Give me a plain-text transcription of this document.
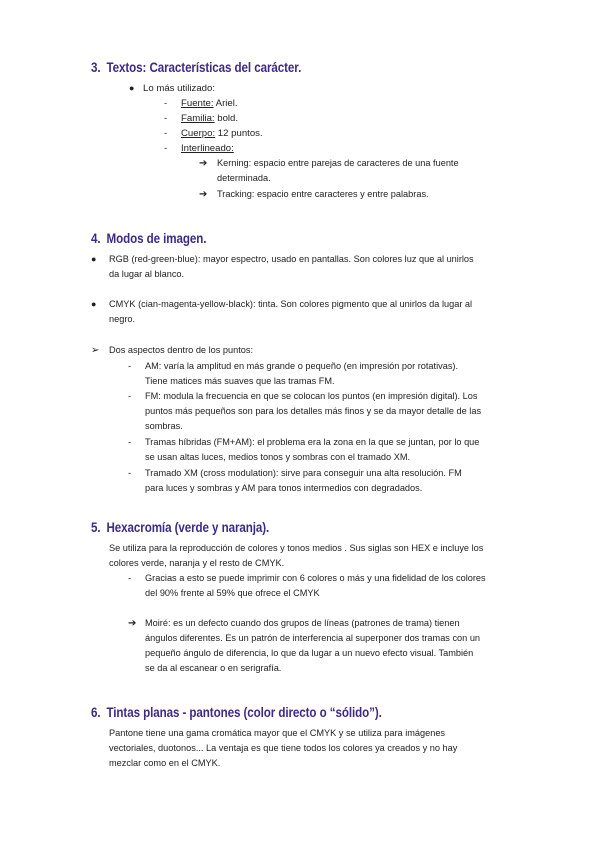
3. Textos: Características del carácter.
● Lo más utilizado:
- Fuente: Ariel.
- Familia: bold.
- Cuerpo: 12 puntos.
- Interlineado:
➔ Kerning: espacio entre parejas de caracteres de una fuente
determinada.
➔ Tracking: espacio entre caracteres y entre palabras.
4. Modos de imagen.
● RGB (red-green-blue): mayor espectro, usado en pantallas. Son colores luz que al unirlos
da lugar al blanco.
● CMYK (cian-magenta-yellow-black): tinta. Son colores pigmento que al unirlos da lugar al
negro.
➢ Dos aspectos dentro de los puntos:
- AM: varía la amplitud en más grande o pequeño (en impresión por rotativas).
Tiene matices más suaves que las tramas FM.
- FM: modula la frecuencia en que se colocan los puntos (en impresión digital). Los
puntos más pequeños son para los detalles más finos y se da mayor detalle de las
sombras.
- Tramas híbridas (FM+AM): el problema era la zona en la que se juntan, por lo que
se usan altas luces, medios tonos y sombras con el tramado XM.
- Tramado XM (cross modulation): sirve para conseguir una alta resolución. FM
para luces y sombras y AM para tonos intermedios con degradados.
5. Hexacromía (verde y naranja).
Se utiliza para la reproducción de colores y tonos medios . Sus siglas son HEX e incluye los
colores verde, naranja y el resto de CMYK.
- Gracias a esto se puede imprimir con 6 colores o más y una fidelidad de los colores
del 90% frente al 59% que ofrece el CMYK
➔ Moiré: es un defecto cuando dos grupos de líneas (patrones de trama) tienen
ángulos diferentes. Es un patrón de interferencia al superponer dos tramas con un
pequeño ángulo de diferencia, lo que da lugar a un nuevo efecto visual. También
se da al escanear o en serigrafía.
6. Tintas planas - pantones (color directo o “sólido”).
Pantone tiene una gama cromática mayor que el CMYK y se utiliza para imágenes
vectoriales, duotonos... La ventaja es que tiene todos los colores ya creados y no hay
mezclar como en el CMYK.
